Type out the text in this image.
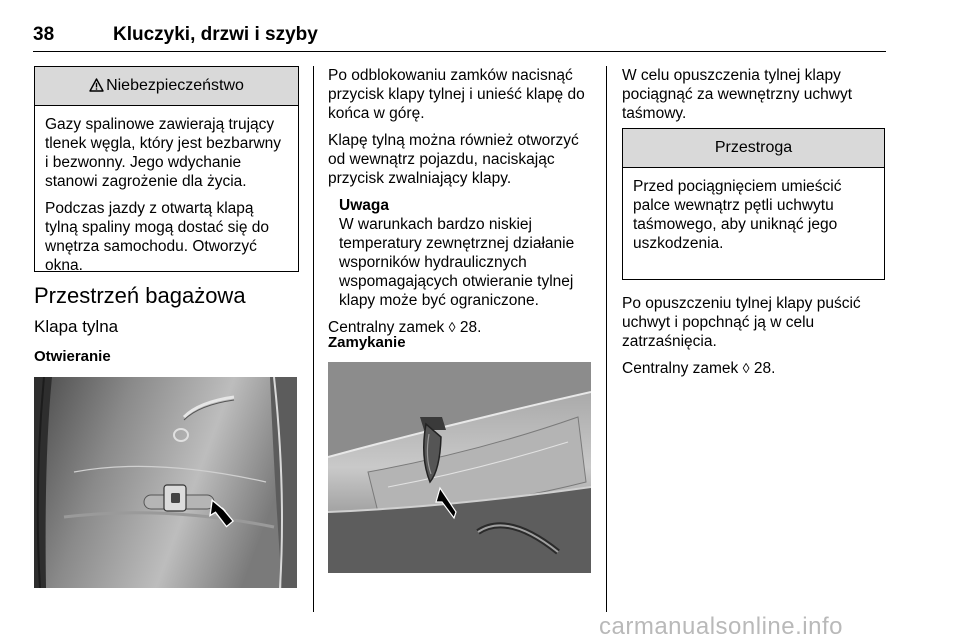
38	Kluczyki, drzwi i szyby
Niebezpieczeństwo

Gazy spalinowe zawierają trujący tlenek węgla, który jest bezbarwny i bezwonny. Jego wdychanie stanowi zagrożenie dla życia.

Podczas jazdy z otwartą klapą tylną spaliny mogą dostać się do wnętrza samochodu. Otworzyć okna.

Przestrzeń bagażowa
Klapa tylna
Otwieranie

Po odblokowaniu zamków nacisnąć przycisk klapy tylnej i unieść klapę do końca w górę.

Klapę tylną można również otworzyć od wewnątrz pojazdu, naciskając przycisk zwalniający klapy.

Uwaga
W warunkach bardzo niskiej temperatury zewnętrznej działanie wsporników hydraulicznych wspomagających otwieranie tylnej klapy może być ograniczone.

Centralny zamek ◊ 28.

Zamykanie

W celu opuszczenia tylnej klapy pociągnąć za wewnętrzny uchwyt taśmowy.

Przestroga

Przed pociągnięciem umieścić palce wewnątrz pętli uchwytu taśmowego, aby uniknąć jego uszkodzenia.

Po opuszczeniu tylnej klapy puścić uchwyt i popchnąć ją w celu zatrzaśnięcia.

Centralny zamek ◊ 28.

carmanualsonline.info
